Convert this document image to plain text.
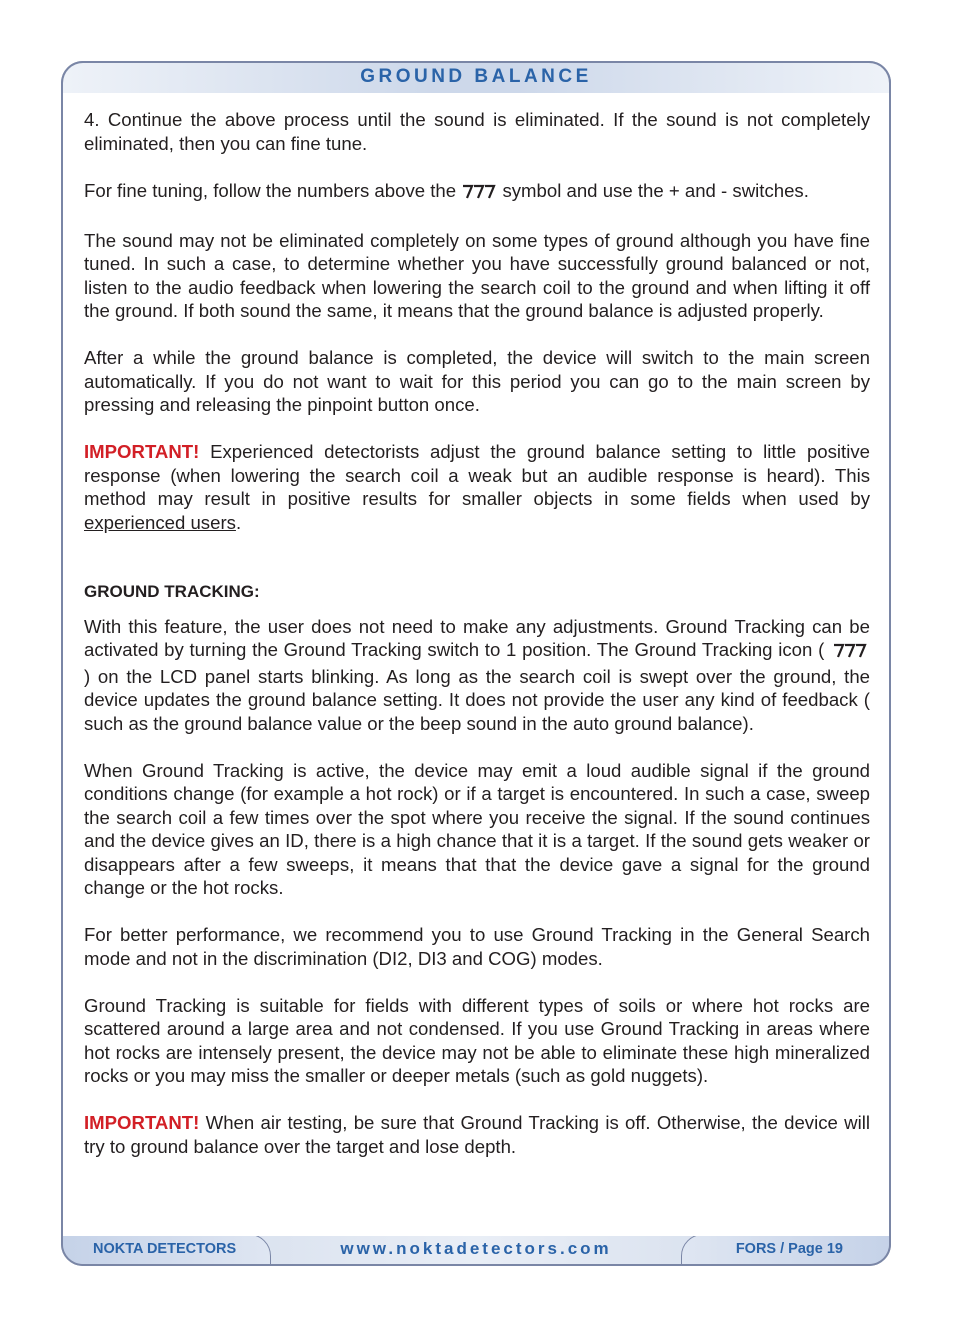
GROUND BALANCE

4. Continue the above process until the sound is eliminated. If the sound is not completely eliminated, then you can fine tune.

For fine tuning, follow the numbers above the symbol and use the + and - switches.

The sound may not be eliminated completely on some types of ground although you have fine tuned. In such a case, to determine whether you have successfully ground balanced or not, listen to the audio feedback when lowering the search coil to the ground and when lifting it off the ground. If both sound the same, it means that the ground balance is adjusted properly.

After a while the ground balance is completed, the device will switch to the main screen automatically. If you do not want to wait for this period you can go to the main screen by pressing and releasing the pinpoint button once.

IMPORTANT! Experienced detectorists adjust the ground balance setting to little positive response (when lowering the search coil a weak but an audible response is heard). This method may result in positive results for smaller objects in some fields when used by experienced users.

GROUND TRACKING:

With this feature, the user does not need to make any adjustments. Ground Tracking can be activated by turning the Ground Tracking switch to 1 position. The Ground Tracking icon (  ) on the LCD panel starts blinking. As long as the search coil is swept over the ground, the device updates the ground balance setting. It does not provide the user any kind of feedback ( such as the ground balance value or the beep sound in the auto ground balance).

When Ground Tracking is active, the device may emit a loud audible signal if the ground conditions change (for example a hot rock) or if a target is encountered. In such a case, sweep the search coil a few times over the spot where you receive the signal. If the sound continues and the device gives an ID, there is a high chance that it is a target. If the sound gets weaker or disappears after a few sweeps, it means that that the device gave a signal for the ground change or the hot rocks.

For better performance, we recommend you to use Ground Tracking in the General Search mode and not in the discrimination (DI2, DI3 and COG) modes.

Ground Tracking is suitable for fields with different types of soils or where hot rocks are scattered around a large area and not condensed. If you use Ground Tracking in areas where hot rocks are intensely present, the device may not be able to eliminate these high mineralized rocks or you may miss the smaller or deeper metals (such as gold nuggets).

IMPORTANT! When air testing, be sure that Ground Tracking is off. Otherwise, the device will try to ground balance over the target and lose depth.

NOKTA DETECTORS	www.noktadetectors.com	FORS / Page 19
